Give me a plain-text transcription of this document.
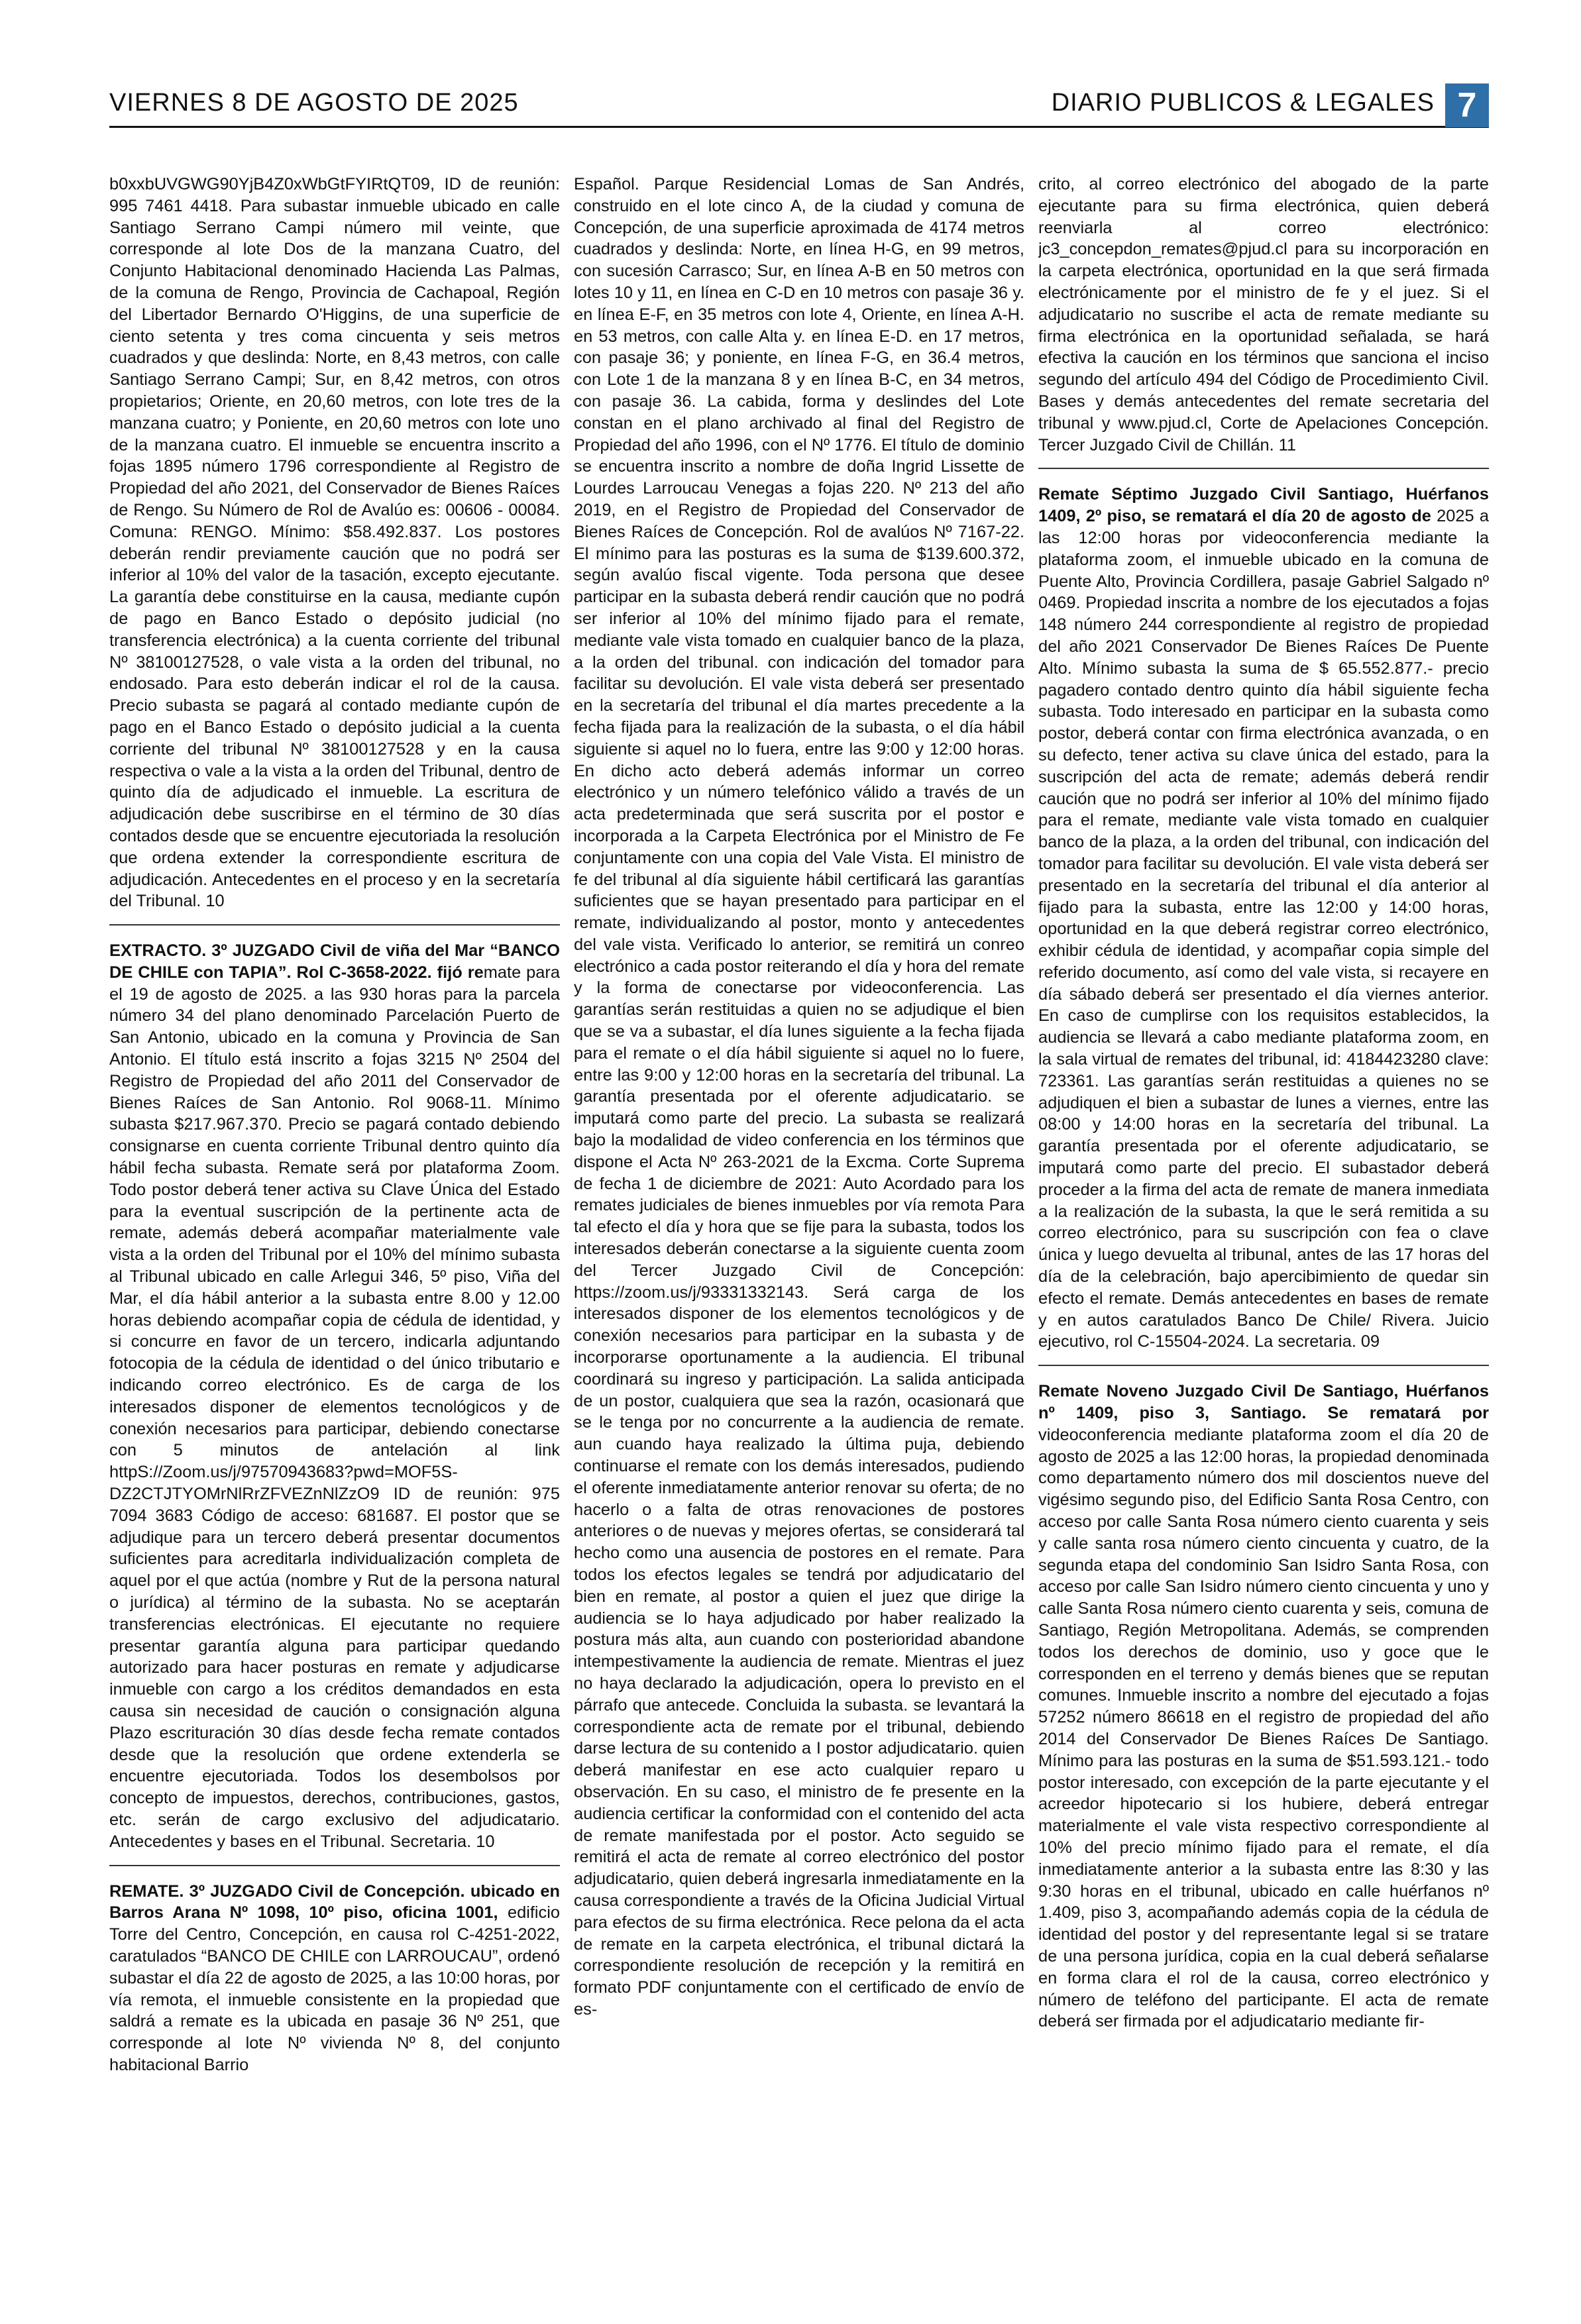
VIERNES 8 DE AGOSTO DE 2025	DIARIO PUBLICOS & LEGALES 7

b0xxbUVGWG90YjB4Z0xWbGtFYIRtQT09, ID de reunión: 995 7461 4418. Para subastar inmueble ubicado en calle Santiago Serrano Campi número mil veinte, que corresponde al lote Dos de la manzana Cuatro, del Conjunto Habitacional denominado Hacienda Las Palmas, de la comuna de Rengo, Provincia de Cachapoal, Región del Libertador Bernardo O'Higgins, de una superficie de ciento setenta y tres coma cincuenta y seis metros cuadrados y que deslinda: Norte, en 8,43 metros, con calle Santiago Serrano Campi; Sur, en 8,42 metros, con otros propietarios; Oriente, en 20,60 metros, con lote tres de la manzana cuatro; y Poniente, en 20,60 metros con lote uno de la manzana cuatro. El inmueble se encuentra inscrito a fojas 1895 número 1796 correspondiente al Registro de Propiedad del año 2021, del Conservador de Bienes Raíces de Rengo. Su Número de Rol de Avalúo es: 00606 - 00084. Comuna: RENGO. Mínimo: $58.492.837. Los postores deberán rendir previamente caución que no podrá ser inferior al 10% del valor de la tasación, excepto ejecutante. La garantía debe constituirse en la causa, mediante cupón de pago en Banco Estado o depósito judicial (no transferencia electrónica) a la cuenta corriente del tribunal Nº 38100127528, o vale vista a la orden del tribunal, no endosado. Para esto deberán indicar el rol de la causa. Precio subasta se pagará al contado mediante cupón de pago en el Banco Estado o depósito judicial a la cuenta corriente del tribunal Nº 38100127528 y en la causa respectiva o vale a la vista a la orden del Tribunal, dentro de quinto día de adjudicado el inmueble. La escritura de adjudicación debe suscribirse en el término de 30 días contados desde que se encuentre ejecutoriada la resolución que ordena extender la correspondiente escritura de adjudicación. Antecedentes en el proceso y en la secretaría del Tribunal. 10

EXTRACTO. 3º JUZGADO Civil de viña del Mar “BANCO DE CHILE con TAPIA”. Rol C-3658-2022. fijó remate para el 19 de agosto de 2025. a las 930 horas para la parcela número 34 del plano denominado Parcelación Puerto de San Antonio, ubicado en la comuna y Provincia de San Antonio. El título está inscrito a fojas 3215 Nº 2504 del Registro de Propiedad del año 2011 del Conservador de Bienes Raíces de San Antonio. Rol 9068-11. Mínimo subasta $217.967.370. Precio se pagará contado debiendo consignarse en cuenta corriente Tribunal dentro quinto día hábil fecha subasta. Remate será por plataforma Zoom. Todo postor deberá tener activa su Clave Única del Estado para la eventual suscripción de la pertinente acta de remate, además deberá acompañar materialmente vale vista a la orden del Tribunal por el 10% del mínimo subasta al Tribunal ubicado en calle Arlegui 346, 5º piso, Viña del Mar, el día hábil anterior a la subasta entre 8.00 y 12.00 horas debiendo acompañar copia de cédula de identidad, y si concurre en favor de un tercero, indicarla adjuntando fotocopia de la cédula de identidad o del único tributario e indicando correo electrónico. Es de carga de los interesados disponer de elementos tecnológicos y de conexión necesarios para participar, debiendo conectarse con 5 minutos de antelación al link httpS://Zoom.us/j/97570943683?pwd=MOF5S-DZ2CTJTYOMrNlRrZFVEZnNlZzO9 ID de reunión: 975 7094 3683 Código de acceso: 681687. El postor que se adjudique para un tercero deberá presentar documentos suficientes para acreditarla individualización completa de aquel por el que actúa (nombre y Rut de la persona natural o jurídica) al término de la subasta. No se aceptarán transferencias electrónicas. El ejecutante no requiere presentar garantía alguna para participar quedando autorizado para hacer posturas en remate y adjudicarse inmueble con cargo a los créditos demandados en esta causa sin necesidad de caución o consignación alguna Plazo escrituración 30 días desde fecha remate contados desde que la resolución que ordene extenderla se encuentre ejecutoriada. Todos los desembolsos por concepto de impuestos, derechos, contribuciones, gastos, etc. serán de cargo exclusivo del adjudicatario. Antecedentes y bases en el Tribunal. Secretaria. 10

REMATE. 3º JUZGADO Civil de Concepción. ubicado en Barros Arana Nº 1098, 10º piso, oficina 1001, edificio Torre del Centro, Concepción, en causa rol C-4251-2022, caratulados “BANCO DE CHILE con LARROUCAU”, ordenó subastar el día 22 de agosto de 2025, a las 10:00 horas, por vía remota, el inmueble consistente en la propiedad que saldrá a remate es la ubicada en pasaje 36 Nº 251, que corresponde al lote Nº vivienda Nº 8, del conjunto habitacional Barrio

Español. Parque Residencial Lomas de San Andrés, construido en el lote cinco A, de la ciudad y comuna de Concepción, de una superficie aproximada de 4174 metros cuadrados y deslinda: Norte, en línea H-G, en 99 metros, con sucesión Carrasco; Sur, en línea A-B en 50 metros con lotes 10 y 11, en línea en C-D en 10 metros con pasaje 36 y. en línea E-F, en 35 metros con lote 4, Oriente, en línea A-H. en 53 metros, con calle Alta y. en línea E-D. en 17 metros, con pasaje 36; y poniente, en línea F-G, en 36.4 metros, con Lote 1 de la manzana 8 y en línea B-C, en 34 metros, con pasaje 36. La cabida, forma y deslindes del Lote constan en el plano archivado al final del Registro de Propiedad del año 1996, con el Nº 1776. El título de dominio se encuentra inscrito a nombre de doña Ingrid Lissette de Lourdes Larroucau Venegas a fojas 220. Nº 213 del año 2019, en el Registro de Propiedad del Conservador de Bienes Raíces de Concepción. Rol de avalúos Nº 7167-22. El mínimo para las posturas es la suma de $139.600.372, según avalúo fiscal vigente. Toda persona que desee participar en la subasta deberá rendir caución que no podrá ser inferior al 10% del mínimo fijado para el remate, mediante vale vista tomado en cualquier banco de la plaza, a la orden del tribunal. con indicación del tomador para facilitar su devolución. El vale vista deberá ser presentado en la secretaría del tribunal el día martes precedente a la fecha fijada para la realización de la subasta, o el día hábil siguiente si aquel no lo fuera, entre las 9:00 y 12:00 horas. En dicho acto deberá además informar un correo electrónico y un número telefónico válido a través de un acta predeterminada que será suscrita por el postor e incorporada a la Carpeta Electrónica por el Ministro de Fe conjuntamente con una copia del Vale Vista. El ministro de fe del tribunal al día siguiente hábil certificará las garantías suficientes que se hayan presentado para participar en el remate, individualizando al postor, monto y antecedentes del vale vista. Verificado lo anterior, se remitirá un conreo electrónico a cada postor reiterando el día y hora del remate y la forma de conectarse por videoconferencia. Las garantías serán restituidas a quien no se adjudique el bien que se va a subastar, el día lunes siguiente a la fecha fijada para el remate o el día hábil siguiente si aquel no lo fuere, entre las 9:00 y 12:00 horas en la secretaría del tribunal. La garantía presentada por el oferente adjudicatario. se imputará como parte del precio. La subasta se realizará bajo la modalidad de video conferencia en los términos que dispone el Acta Nº 263-2021 de la Excma. Corte Suprema de fecha 1 de diciembre de 2021: Auto Acordado para los remates judiciales de bienes inmuebles por vía remota Para tal efecto el día y hora que se fije para la subasta, todos los interesados deberán conectarse a la siguiente cuenta zoom del Tercer Juzgado Civil de Concepción: https://zoom.us/j/93331332143. Será carga de los interesados disponer de los elementos tecnológicos y de conexión necesarios para participar en la subasta y de incorporarse oportunamente a la audiencia. El tribunal coordinará su ingreso y participación. La salida anticipada de un postor, cualquiera que sea la razón, ocasionará que se le tenga por no concurrente a la audiencia de remate. aun cuando haya realizado la última puja, debiendo continuarse el remate con los demás interesados, pudiendo el oferente inmediatamente anterior renovar su oferta; de no hacerlo o a falta de otras renovaciones de postores anteriores o de nuevas y mejores ofertas, se considerará tal hecho como una ausencia de postores en el remate. Para todos los efectos legales se tendrá por adjudicatario del bien en remate, al postor a quien el juez que dirige la audiencia se lo haya adjudicado por haber realizado la postura más alta, aun cuando con posterioridad abandone intempestivamente la audiencia de remate. Mientras el juez no haya declarado la adjudicación, opera lo previsto en el párrafo que antecede. Concluida la subasta. se levantará la correspondiente acta de remate por el tribunal, debiendo darse lectura de su contenido a I postor adjudicatario. quien deberá manifestar en ese acto cualquier reparo u observación. En su caso, el ministro de fe presente en la audiencia certificar la conformidad con el contenido del acta de remate manifestada por el postor. Acto seguido se remitirá el acta de remate al correo electrónico del postor adjudicatario, quien deberá ingresarla inmediatamente en la causa correspondiente a través de la Oficina Judicial Virtual para efectos de su firma electrónica. Rece pelona da el acta de remate en la carpeta electrónica, el tribunal dictará la correspondiente resolución de recepción y la remitirá en formato PDF conjuntamente con el certificado de envío de es-

crito, al correo electrónico del abogado de la parte ejecutante para su firma electrónica, quien deberá reenviarla al correo electrónico: jc3_concepdon_remates@pjud.cl para su incorporación en la carpeta electrónica, oportunidad en la que será firmada electrónicamente por el ministro de fe y el juez. Si el adjudicatario no suscribe el acta de remate mediante su firma electrónica en la oportunidad señalada, se hará efectiva la caución en los términos que sanciona el inciso segundo del artículo 494 del Código de Procedimiento Civil. Bases y demás antecedentes del remate secretaria del tribunal y www.pjud.cl, Corte de Apelaciones Concepción. Tercer Juzgado Civil de Chillán. 11

Remate Séptimo Juzgado Civil Santiago, Huérfanos 1409, 2º piso, se rematará el día 20 de agosto de 2025 a las 12:00 horas por videoconferencia mediante la plataforma zoom, el inmueble ubicado en la comuna de Puente Alto, Provincia Cordillera, pasaje Gabriel Salgado nº 0469. Propiedad inscrita a nombre de los ejecutados a fojas 148 número 244 correspondiente al registro de propiedad del año 2021 Conservador De Bienes Raíces De Puente Alto. Mínimo subasta la suma de $ 65.552.877.- precio pagadero contado dentro quinto día hábil siguiente fecha subasta. Todo interesado en participar en la subasta como postor, deberá contar con firma electrónica avanzada, o en su defecto, tener activa su clave única del estado, para la suscripción del acta de remate; además deberá rendir caución que no podrá ser inferior al 10% del mínimo fijado para el remate, mediante vale vista tomado en cualquier banco de la plaza, a la orden del tribunal, con indicación del tomador para facilitar su devolución. El vale vista deberá ser presentado en la secretaría del tribunal el día anterior al fijado para la subasta, entre las 12:00 y 14:00 horas, oportunidad en la que deberá registrar correo electrónico, exhibir cédula de identidad, y acompañar copia simple del referido documento, así como del vale vista, si recayere en día sábado deberá ser presentado el día viernes anterior. En caso de cumplirse con los requisitos establecidos, la audiencia se llevará a cabo mediante plataforma zoom, en la sala virtual de remates del tribunal, id: 4184423280 clave: 723361. Las garantías serán restituidas a quienes no se adjudiquen el bien a subastar de lunes a viernes, entre las 08:00 y 14:00 horas en la secretaría del tribunal. La garantía presentada por el oferente adjudicatario, se imputará como parte del precio. El subastador deberá proceder a la firma del acta de remate de manera inmediata a la realización de la subasta, la que le será remitida a su correo electrónico, para su suscripción con fea o clave única y luego devuelta al tribunal, antes de las 17 horas del día de la celebración, bajo apercibimiento de quedar sin efecto el remate. Demás antecedentes en bases de remate y en autos caratulados Banco De Chile/ Rivera. Juicio ejecutivo, rol C-15504-2024. La secretaria. 09

Remate Noveno Juzgado Civil De Santiago, Huérfanos nº 1409, piso 3, Santiago. Se rematará por videoconferencia mediante plataforma zoom el día 20 de agosto de 2025 a las 12:00 horas, la propiedad denominada como departamento número dos mil doscientos nueve del vigésimo segundo piso, del Edificio Santa Rosa Centro, con acceso por calle Santa Rosa número ciento cuarenta y seis y calle santa rosa número ciento cincuenta y cuatro, de la segunda etapa del condominio San Isidro Santa Rosa, con acceso por calle San Isidro número ciento cincuenta y uno y calle Santa Rosa número ciento cuarenta y seis, comuna de Santiago, Región Metropolitana. Además, se comprenden todos los derechos de dominio, uso y goce que le corresponden en el terreno y demás bienes que se reputan comunes. Inmueble inscrito a nombre del ejecutado a fojas 57252 número 86618 en el registro de propiedad del año 2014 del Conservador De Bienes Raíces De Santiago. Mínimo para las posturas en la suma de $51.593.121.- todo postor interesado, con excepción de la parte ejecutante y el acreedor hipotecario si los hubiere, deberá entregar materialmente el vale vista respectivo correspondiente al 10% del precio mínimo fijado para el remate, el día inmediatamente anterior a la subasta entre las 8:30 y las 9:30 horas en el tribunal, ubicado en calle huérfanos nº 1.409, piso 3, acompañando además copia de la cédula de identidad del postor y del representante legal si se tratare de una persona jurídica, copia en la cual deberá señalarse en forma clara el rol de la causa, correo electrónico y número de teléfono del participante. El acta de remate deberá ser firmada por el adjudicatario mediante fir-
